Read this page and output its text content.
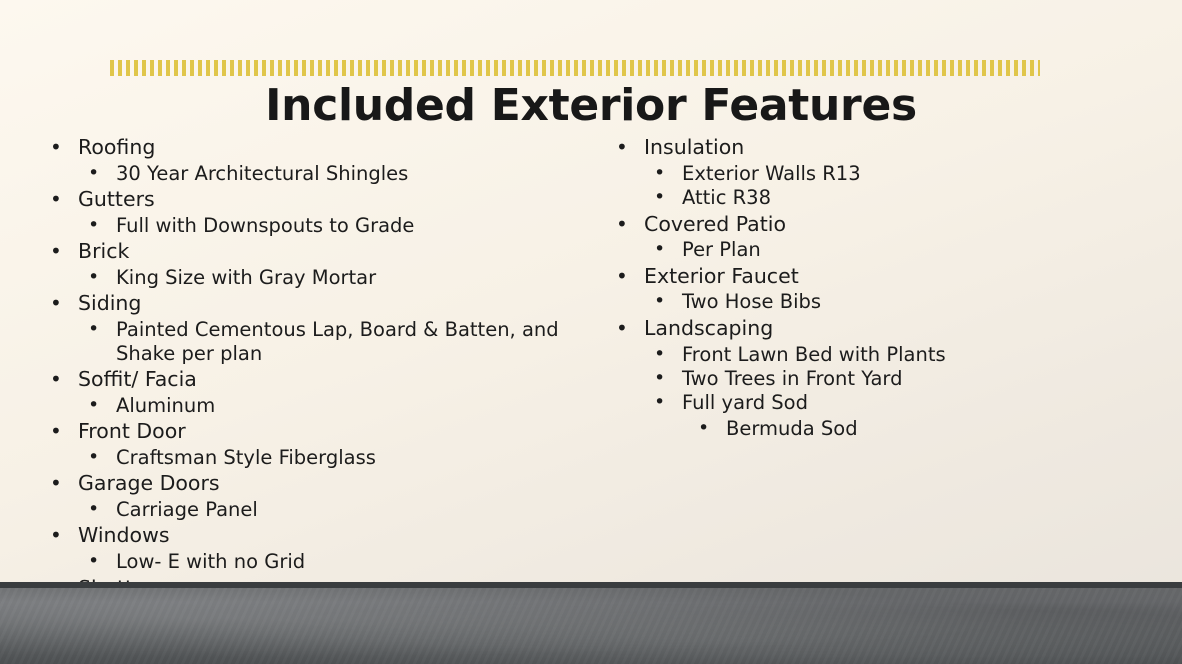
Included Exterior Features
• Roofing
• 30 Year Architectural Shingles
• Gutters
• Full with Downspouts to Grade
• Brick
• King Size with Gray Mortar
• Siding
• Painted Cementous Lap, Board & Batten, and Shake per plan
• Soffit/ Facia
• Aluminum
• Front Door
• Craftsman Style Fiberglass
• Garage Doors
• Carriage Panel
• Windows
• Low- E with no Grid
• Insulation
• Exterior Walls R13
• Attic R38
• Covered Patio
• Per Plan
• Exterior Faucet
• Two Hose Bibs
• Landscaping
• Front Lawn Bed with Plants
• Two Trees in Front Yard
• Full yard Sod
• Bermuda Sod
